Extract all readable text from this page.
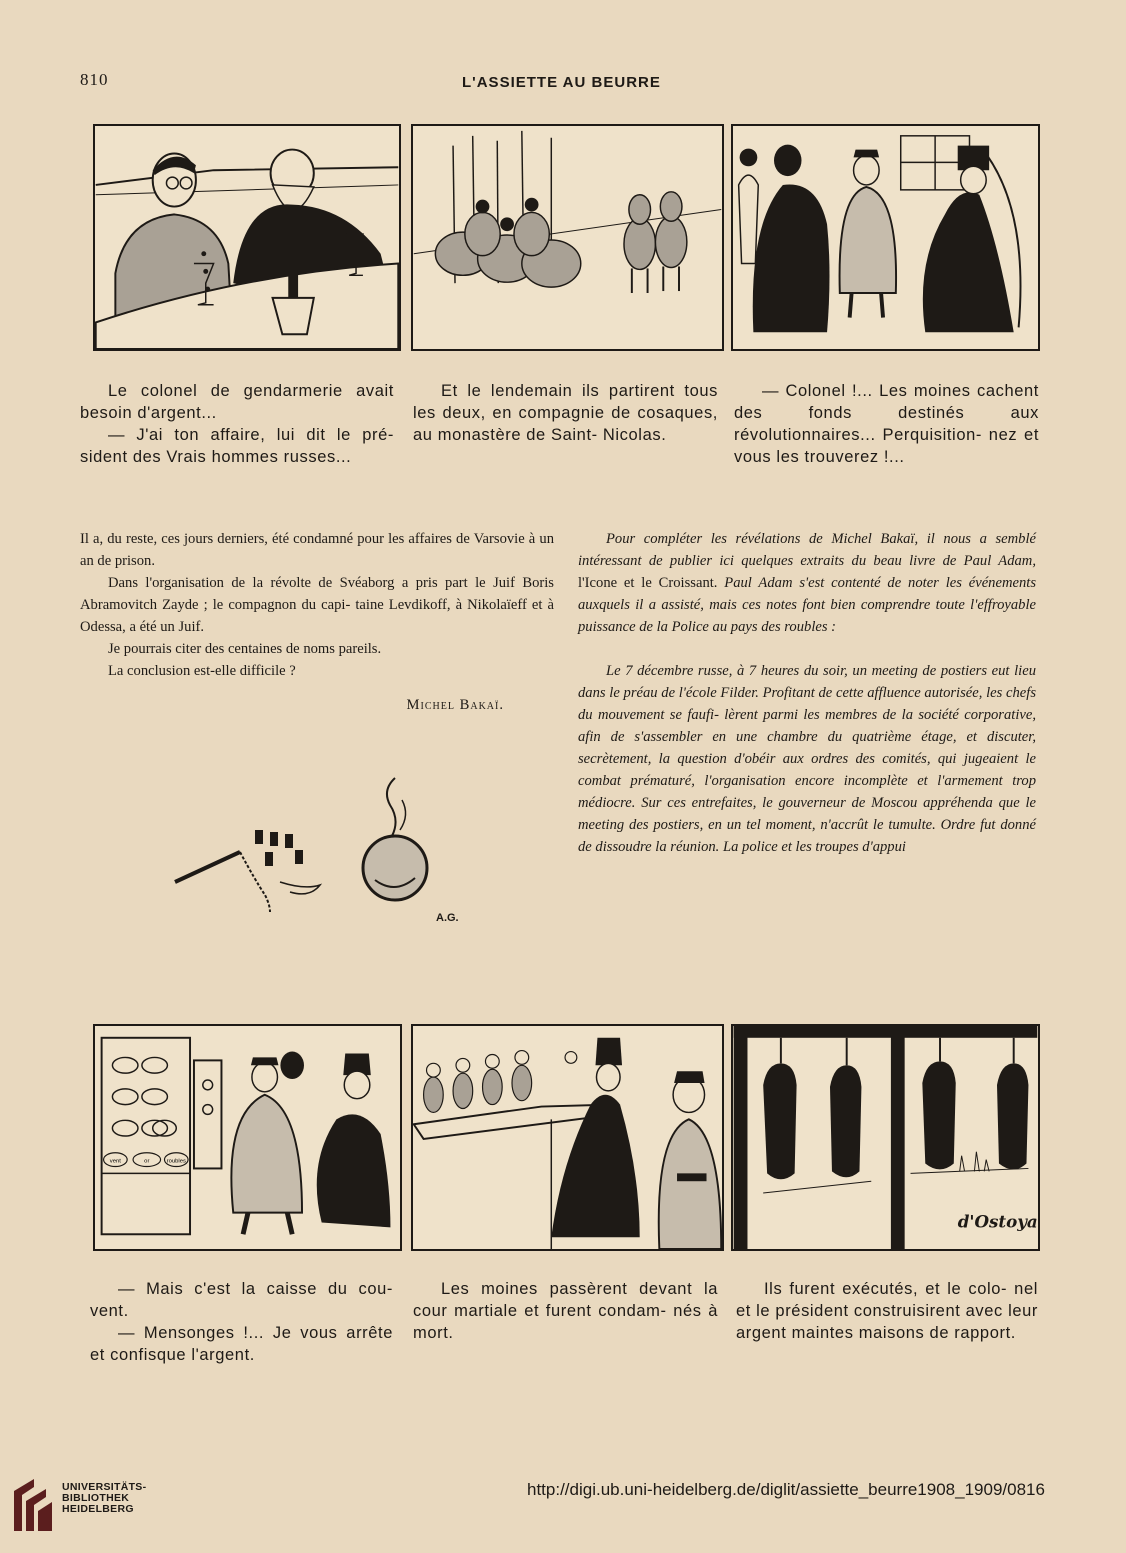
810	L'ASSIETTE AU BEURRE

Le colonel de gendarmerie avait besoin d'argent...

— J'ai ton affaire, lui dit le pré- sident des Vrais hommes russes...

Et le lendemain ils partirent tous les deux, en compagnie de cosaques, au monastère de Saint- Nicolas.

— Colonel !... Les moines cachent des fonds destinés aux révolutionnaires... Perquisition- nez et vous les trouverez !...

Il a, du reste, ces jours derniers, été condamné pour les affaires de Varsovie à un an de prison.

Dans l'organisation de la révolte de Svéaborg a pris part le Juif Boris Abramovitch Zayde ; le compagnon du capi- taine Levdikoff, à Nikolaïeff et à Odessa, a été un Juif.

Je pourrais citer des centaines de noms pareils.

La conclusion est-elle difficile ?

Michel Bakaï.

Pour compléter les révélations de Michel Bakaï, il nous a semblé intéressant de publier ici quelques extraits du beau livre de Paul Adam, l'Icone et le Croissant. Paul Adam s'est contenté de noter les événements auxquels il a assisté, mais ces notes font bien comprendre toute l'effroyable puissance de la Police au pays des roubles :

Le 7 décembre russe, à 7 heures du soir, un meeting de postiers eut lieu dans le préau de l'école Filder. Profitant de cette affluence autorisée, les chefs du mouvement se faufi- lèrent parmi les membres de la société corporative, afin de s'assembler en une chambre du quatrième étage, et discuter, secrètement, la question d'obéir aux ordres des comités, qui jugeaient le combat prématuré, l'organisation encore incomplète et l'armement trop médiocre. Sur ces entrefaites, le gouverneur de Moscou appréhenda que le meeting des postiers, en un tel moment, n'accrût le tumulte. Ordre fut donné de dissoudre la réunion. La police et les troupes d'appui

A.G.
vent	or	roubles
d'Ostoya

— Mais c'est la caisse du cou- vent.

— Mensonges !... Je vous arrête et confisque l'argent.

Les moines passèrent devant la cour martiale et furent condam- nés à mort.

Ils furent exécutés, et le colo- nel et le président construisirent avec leur argent maintes maisons de rapport.

UNIVERSITÄTS-
BIBLIOTHEK
HEIDELBERG
http://digi.ub.uni-heidelberg.de/diglit/assiette_beurre1908_1909/0816
